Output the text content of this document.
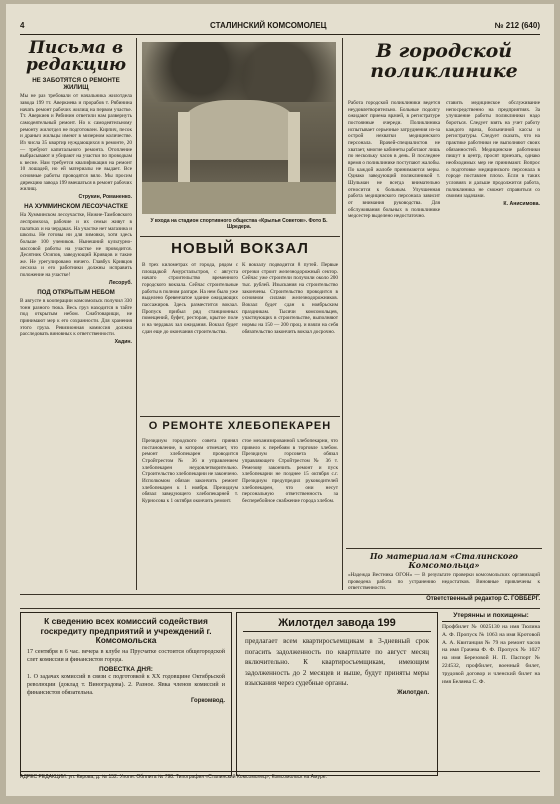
4	СТАЛИНСКИЙ КОМСОМОЛЕЦ	№ 212 (640)
Письма в редакцию
НЕ ЗАБОТЯТСЯ О РЕМОНТЕ ЖИЛИЩ

Мы не раз требовали от начальника жилотдела завода 199 тт. Аверкиева и прорабов т. Рябинина начать ремонт рабочих жилищ на первом участке. Тт. Аверкиев и Рябинин ответили нам развернуть самодеятельный ремонт. Но к самодеятельному ремонту жилотдел не подготовлен. Кирпич, песок и драныч жильцы имеют в мизерном количестве. Из числа 35 квартир нуждающихся в ремонте, 20 — требуют капитального ремонта. Отопление выбрасывают и убирают на участки по проводкам к весне. Нам требуется квалификация на ремонт 10 лошадей, но ей материалы не выдает. Все основные работы проводятся вяло. Мы просим дирекцию завода 199 вмешаться в ремонт рабочих жилищ.

Струкин, Романенко.
НА ХУММИНСКОМ ЛЕСОУЧАСТКЕ

На Хумминском лесоучастке, Нижне-Тамбовского леспромхоза, рабочие и их семьи живут в палатках и на чердаках. На участке нет магазина и школы. Не готовы ни для зимовки, хотя здесь больше 100 учеников. Нынешний культурно-массовой работы на участке не проводится. Десятник Осипов, заведующий Кривцов и такие же. Не урегулировано ничего. Главбух Кривцов лесхоза и его работники должны исправить положение на участке!

Лесоруб.
ПОД ОТКРЫТЫМ НЕБОМ

В августе в кооперации комсомольск получил 330 тонн разного тюка. Весь груз находится в тайге под открытым небом. Снабтоварищи, не принимают мер к его сохранности. Для хранения этого груза. Ревизионная комиссия должна расследовать виновных к ответственности.

Хадин.
У входа на стадион спортивного общества «Крылья Советов». Фото Б. Шредера.
НОВЫЙ ВОКЗАЛ

В трех километрах от города, рядом с площадкой Амурстальстроя, с августа начато строительство временного городского вокзала. Сейчас строительные работы в полном разгаре. На нем было уже выделено бревенчатое здание ожидающих пассажиров. Здесь разместится вокзал. Пропуск прибыл ряд станционных помещений, буфет, ресторан, крытое поле и на чердаках зал ожидания. Вокзал будет сдан еще до окончания строительства.

К вокзалу подводится 8 путей. Первые отрезки строит железнодорожный сектор. Сейчас уже строители получили около 200 тыс. рублей. Изыскания на строительство закончены. Строительство проводится в основном силами железнодорожников. Вокзал будет сдан к ноябрьским праздникам. Тысячи комсомольцев, участвующих в строительстве, выполняют нормы на 150 — 200 проц. и взяли на себя обязательство закончить вокзал досрочно.

О РЕМОНТЕ ХЛЕБОПЕКАРЕН

Президиум городского совета принял постановление, в котором отмечает, что ремонт хлебопекарен проводится Стройтрестом № 36 и управлением хлебопекарен неудовлетворительно. Строительство хлебопекарни не закончено. Исполкомом обязан закончить ремонт хлебопекарен к 1 ноября. Президиум обязал заведующего хлебопекарней т. Курносова к 1 октября окончить ремонт.

стое механизированной хлебопекарни, что привело к перебоям в торговле хлебом. Президиум горсовета обязал управляющего Стройтрестом № 36 т. Ремезову закончить ремонт и пуск хлебопекарни не позднее 15 октября с.г. Президиум предупредил руководителей хлебопекарен, что они несут персональную ответственность за бесперебойное снабжение города хлебом.

В городской поликлинике

Работа городской поликлиники ведется неудовлетворительно. Больные подолгу ожидают приема врачей, в регистратуре постоянные очереди. Поликлиника испытывает серьезные затруднения из-за острой нехватки медицинского персонала. Врачей-специалистов не хватает, многие кабинеты работают лишь по нескольку часов в день. В последнее время о поликлинике поступают жалобы. По каждой жалобе принимаются меры. Однако заведующий поликлиникой т. Шульман не всегда внимательно относится к больным. Улучшенная работа медицинского персонала зависит от внимания руководства. Для обслуживания больных в поликлинике медсестер выделено недостаточно.

ставить медицинское обслуживание непосредственно на предприятиях. За улучшение работы поликлиники надо бороться. Следует взять на учет работу каждого врача, больничной кассы и регистратуры. Следует сказать, что на практике работники не выполняют своих обязанностей. Медицинские работники пишут в центр, просят приехать, однако необходимых мер не принимают. Вопрос о подготовке медицинского персонала в городе поставлен плохо. Если в таких условиях и дальше продолжится работа, поликлиника не сможет справиться со своими задачами.

К. Анисимова.
По материалам «Сталинского Комсомольца»

«Надежда Вестника ОГОН» — В результате проверки комсомольских организаций проведена работа по устранению недостатков. Виновные привлечены к ответственности.

Ответственный редактор С. ГОВБЕРГ.
К сведению всех комиссий содействия госкредиту предприятий и учреждений г. Комсомольска

17 сентября в 6 час. вечера в клубе на Прусчатке состоится общегородской слет комиссии и финансистов города.

ПОВЕСТКА ДНЯ:

1. О задачах комиссий в связи с подготовкой к XX годовщине Октябрьской революции (доклад т. Виноградова). 2. Разное. Явка членов комиссий и финансистов обязательна.

Горкомвод.
Жилотдел завода 199

предлагает всем квартиросъемщикам в 3-дневный срок погасить задолженность по квартплате по август месяц включительно. К квартиросъемщикам, имеющим задолженность до 2 месяцев и выше, будут приняты меры взыскания через судебные органы.

Жилотдел.
Утерянны и похищены:

Профбилет № 0025130 на имя Тюлина А. Ф. Пропуск № 1063 на имя Кротовой А. А. Квитанция № 79 на ремонт часов на имя Грачева Ф. Ф. Пропуск № 1027 на имя Березовой Н. П. Паспорт № 224532, профбилет, военный билет, трудовой договор и членский билет на имя Беляева С. Ф.

АДРЕС РЕДАКЦИИ: ул. Кирова, д. № 152. Уполн. Обллита № 798. Типография «Сталинский Комсомолец», Комсомольск на Амуре.
